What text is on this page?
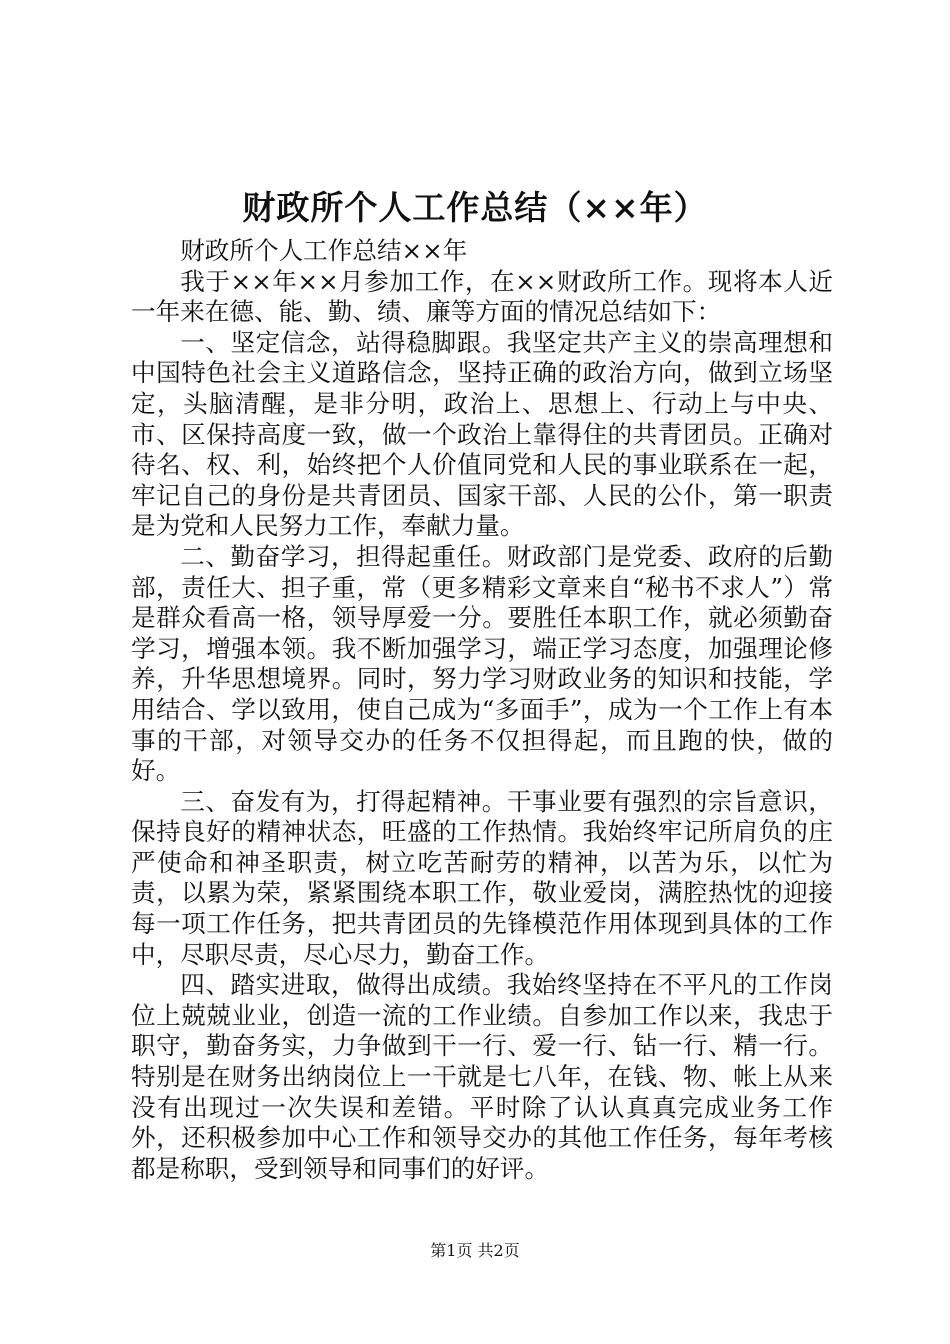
财政所个人工作总结（××年）

财政所个人工作总结××年

我于××年××月参加工作，在××财政所工作。现将本人近一年来在德、能、勤、绩、廉等方面的情况总结如下：

一、坚定信念，站得稳脚跟。我坚定共产主义的崇高理想和中国特色社会主义道路信念，坚持正确的政治方向，做到立场坚定，头脑清醒，是非分明，政治上、思想上、行动上与中央、市、区保持高度一致，做一个政治上靠得住的共青团员。正确对待名、权、利，始终把个人价值同党和人民的事业联系在一起，牢记自己的身份是共青团员、国家干部、人民的公仆，第一职责是为党和人民努力工作，奉献力量。

二、勤奋学习，担得起重任。财政部门是党委、政府的后勤部，责任大、担子重，常（更多精彩文章来自“秘书不求人”）常是群众看高一格，领导厚爱一分。要胜任本职工作，就必须勤奋学习，增强本领。我不断加强学习，端正学习态度，加强理论修养，升华思想境界。同时，努力学习财政业务的知识和技能，学用结合、学以致用，使自己成为“多面手”，成为一个工作上有本事的干部，对领导交办的任务不仅担得起，而且跑的快，做的好。

三、奋发有为，打得起精神。干事业要有强烈的宗旨意识，保持良好的精神状态，旺盛的工作热情。我始终牢记所肩负的庄严使命和神圣职责，树立吃苦耐劳的精神，以苦为乐，以忙为责，以累为荣，紧紧围绕本职工作，敬业爱岗，满腔热忱的迎接每一项工作任务，把共青团员的先锋模范作用体现到具体的工作中，尽职尽责，尽心尽力，勤奋工作。

四、踏实进取，做得出成绩。我始终坚持在不平凡的工作岗位上兢兢业业，创造一流的工作业绩。自参加工作以来，我忠于职守，勤奋务实，力争做到干一行、爱一行、钻一行、精一行。特别是在财务出纳岗位上一干就是七八年，在钱、物、帐上从来没有出现过一次失误和差错。平时除了认认真真完成业务工作外，还积极参加中心工作和领导交办的其他工作任务，每年考核都是称职，受到领导和同事们的好评。

第1页 共2页
